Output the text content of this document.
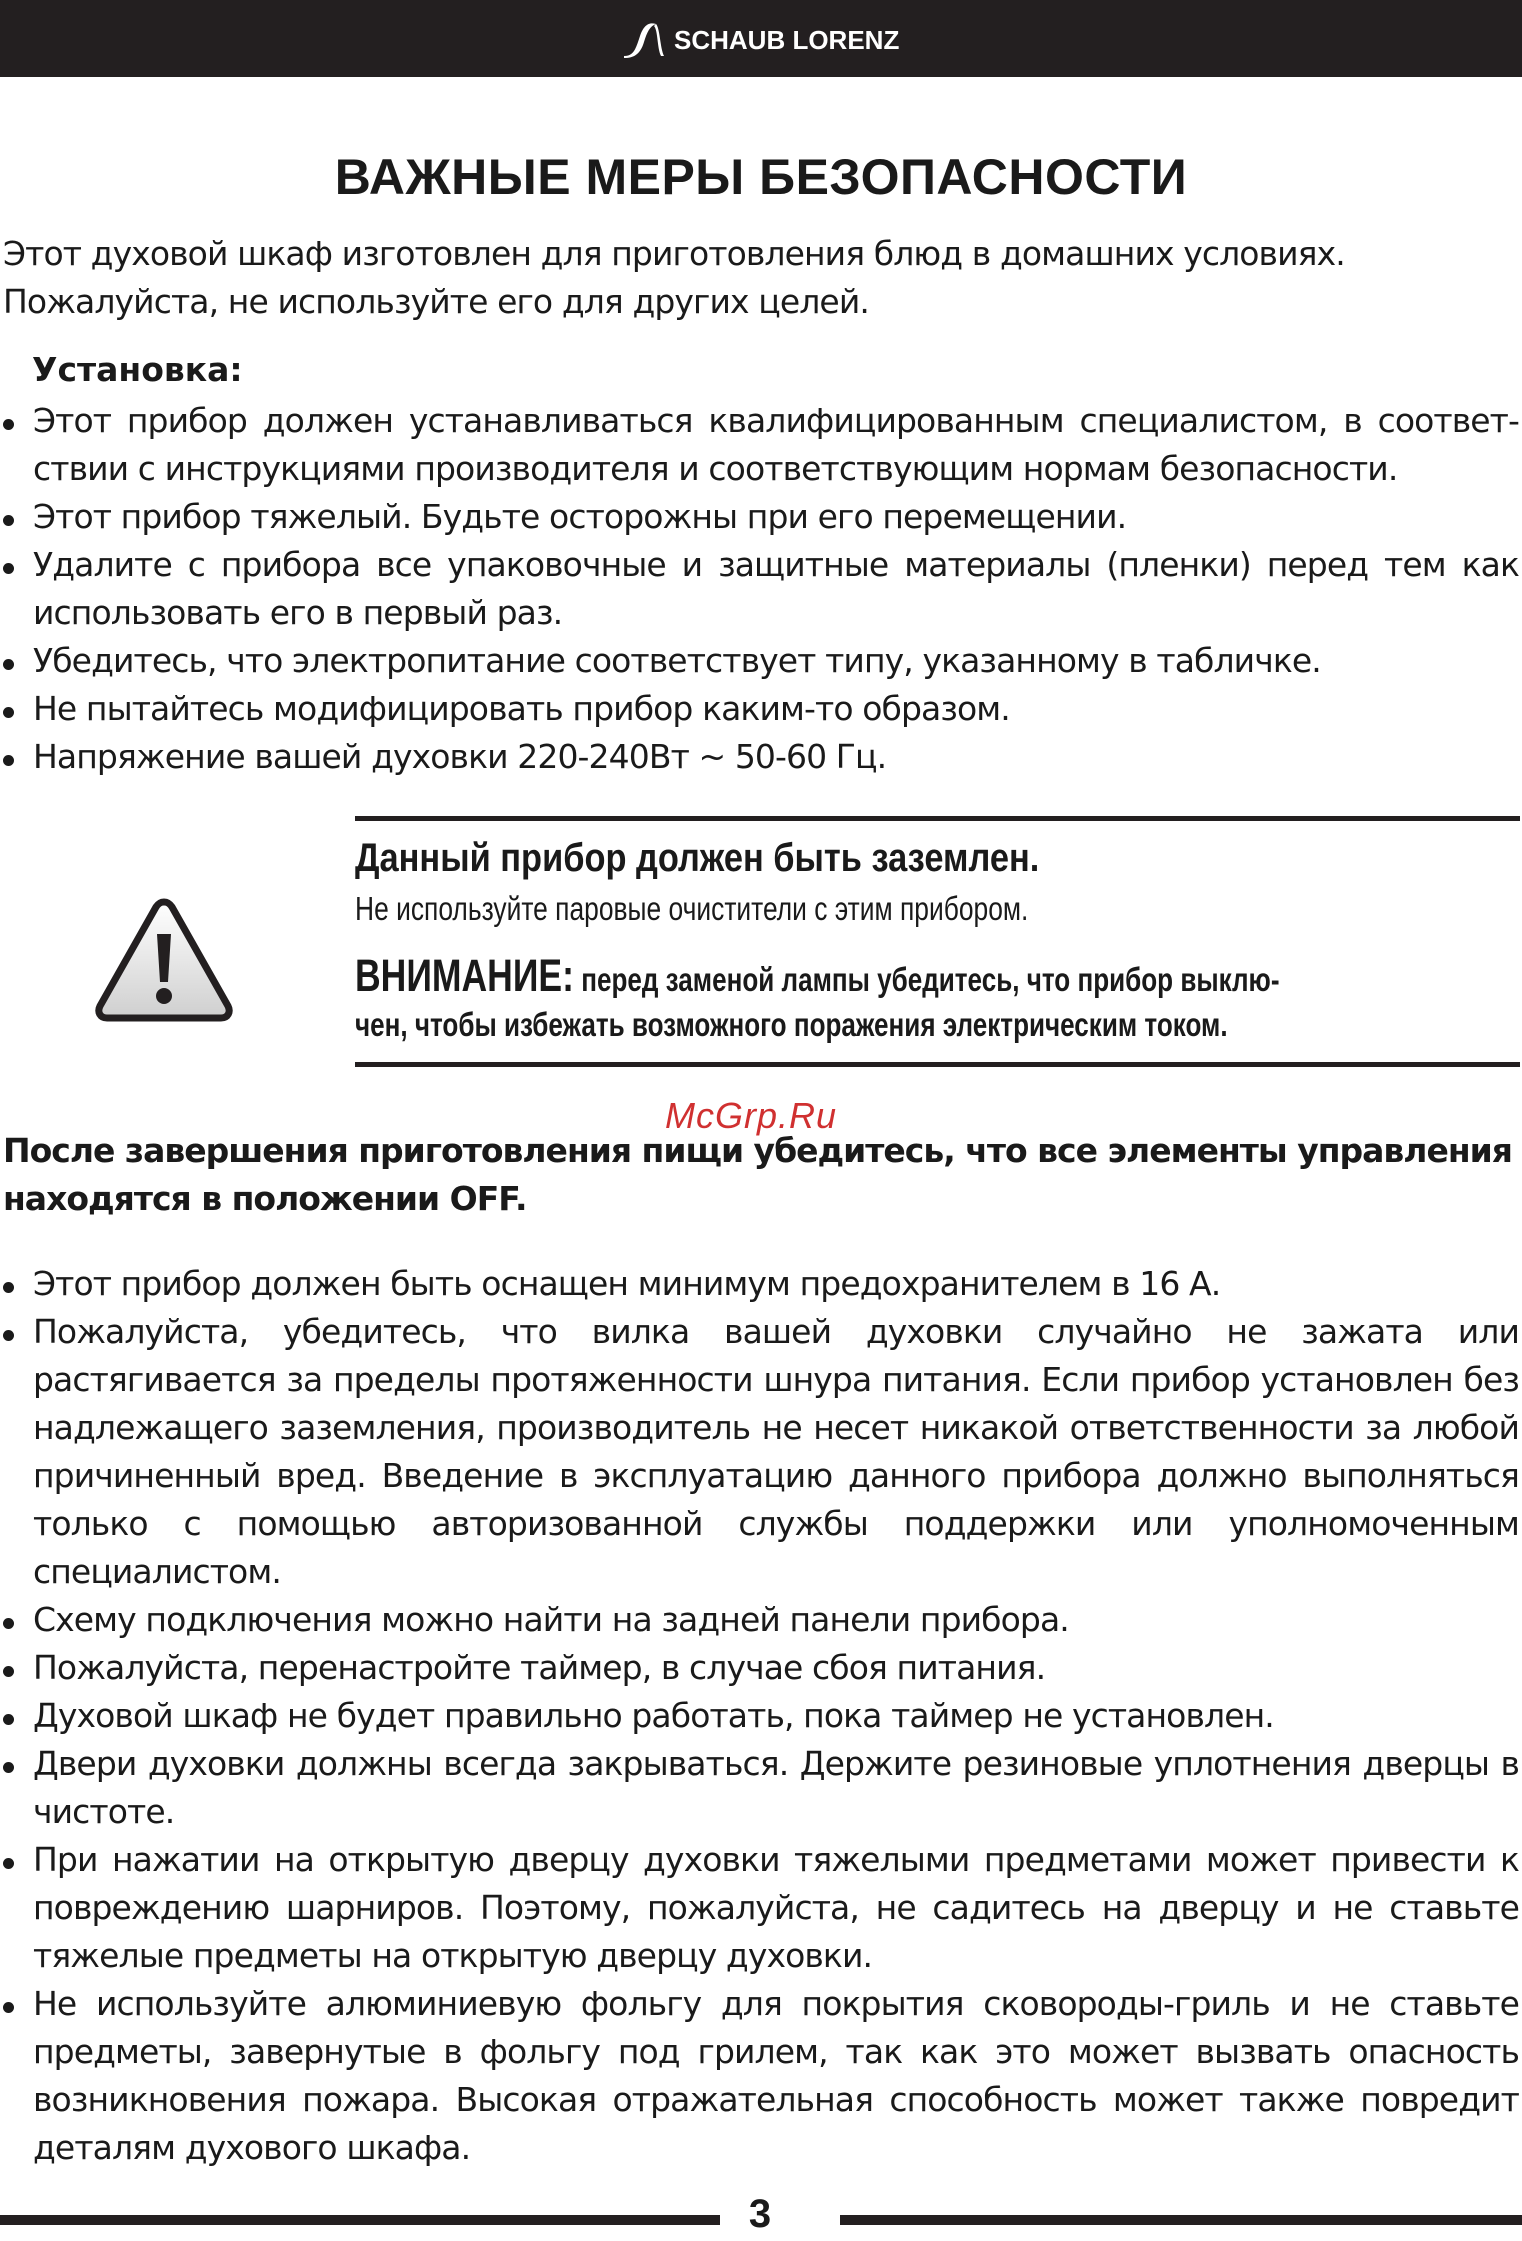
SCHAUB LORENZ
ВАЖНЫЕ МЕРЫ БЕЗОПАСНОСТИ

Этот духовой шкаф изготовлен для приготовления блюд в домашних условиях.

Пожалуйста, не используйте его для других целей.

Установка:
Этот прибор должен устанавливаться квалифицированным специалистом, в соответ-
ствии с инструкциями производителя и соответствующим нормам безопасности.
Этот прибор тяжелый. Будьте осторожны при его перемещении.
Удалите с прибора все упаковочные и защитные материалы (пленки) перед тем как
использовать его в первый раз.
Убедитесь, что электропитание соответствует типу, указанному в табличке.
Не пытайтесь модифицировать прибор каким-то образом.
Напряжение вашей духовки 220-240Вт ~ 50-60 Гц.
Данный прибор должен быть заземлен.
Не используйте паровые очистители с этим прибором.
ВНИМАНИЕ: перед заменой лампы убедитесь, что прибор выклю-
чен, чтобы избежать возможного поражения электрическим током.
McGrp.Ru
После завершения приготовления пищи убедитесь, что все элементы управления
находятся в положении OFF.
Этот прибор должен быть оснащен минимум предохранителем в 16 А.
Пожалуйста, убедитесь, что вилка вашей духовки случайно не зажата или
растягивается за пределы протяженности шнура питания. Если прибор установлен без
надлежащего заземления, производитель не несет никакой ответственности за любой
причиненный вред. Введение в эксплуатацию данного прибора должно выполняться
только с помощью авторизованной службы поддержки или уполномоченным
специалистом.
Схему подключения можно найти на задней панели прибора.
Пожалуйста, перенастройте таймер, в случае сбоя питания.
Духовой шкаф не будет правильно работать, пока таймер не установлен.
Двери духовки должны всегда закрываться. Держите резиновые уплотнения дверцы в
чистоте.
При нажатии на открытую дверцу духовки тяжелыми предметами может привести к
повреждению шарниров. Поэтому, пожалуйста, не садитесь на дверцу и не ставьте
тяжелые предметы на открытую дверцу духовки.
Не используйте алюминиевую фольгу для покрытия сковороды-гриль и не ставьте
предметы, завернутые в фольгу под грилем, так как это может вызвать опасность
возникновения пожара. Высокая отражательная способность может также повредит
деталям духового шкафа.
3
